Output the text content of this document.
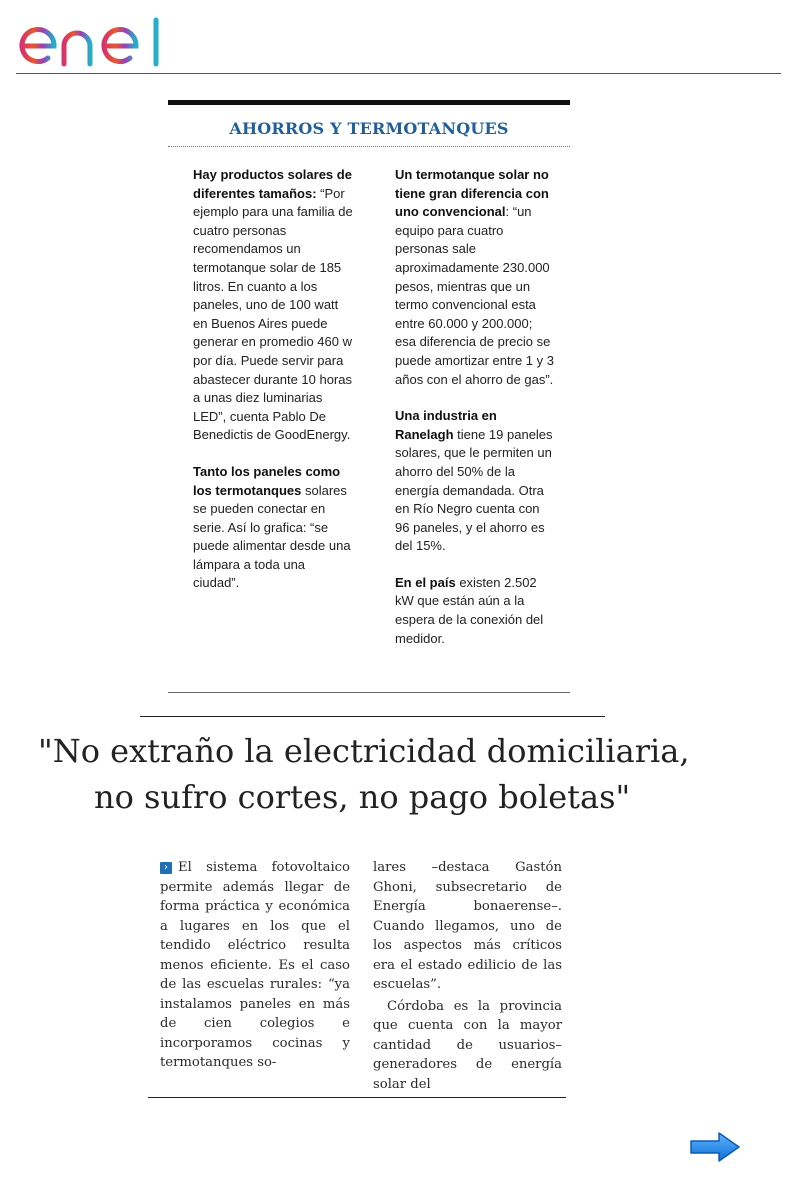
enel
AHORROS Y TERMOTANQUES

Hay productos solares de diferentes tamaños: “Por ejemplo para una familia de cuatro personas recomendamos un termotanque solar de 185 litros. En cuanto a los paneles, uno de 100 watt en Buenos Aires puede generar en promedio 460 w por día. Puede servir para abastecer durante 10 horas a unas diez luminarias LED”, cuenta Pablo De Benedictis de GoodEnergy.

Tanto los paneles como los termotanques solares se pueden conectar en serie. Así lo grafica: “se puede alimentar desde una lámpara a toda una ciudad”.

Un termotanque solar no tiene gran diferencia con uno convencional: “un equipo para cuatro personas sale aproximadamente 230.000 pesos, mientras que un termo convencional esta entre 60.000 y 200.000; esa diferencia de precio se puede amortizar entre 1 y 3 años con el ahorro de gas”.

Una industria en Ranelagh tiene 19 paneles solares, que le permiten un ahorro del 50% de la energía demandada. Otra en Río Negro cuenta con 96 paneles, y el ahorro es del 15%.

En el país existen 2.502 kW que están aún a la espera de la conexión del medidor.

"No extraño la electricidad domiciliaria,
no sufro cortes, no pago boletas"

› El sistema fotovoltaico permite además llegar de forma práctica y económica a lugares en los que el tendido eléctrico resulta menos eficiente. Es el caso de las escuelas rurales: “ya instalamos paneles en más de cien colegios e incorporamos cocinas y termotanques so-

lares –destaca Gastón Ghoni, subsecretario de Energía bonaerense–. Cuando llegamos, uno de los aspectos más críticos era el estado edilicio de las escuelas”.

Córdoba es la provincia que cuenta con la mayor cantidad de usuarios–generadores de energía solar del
